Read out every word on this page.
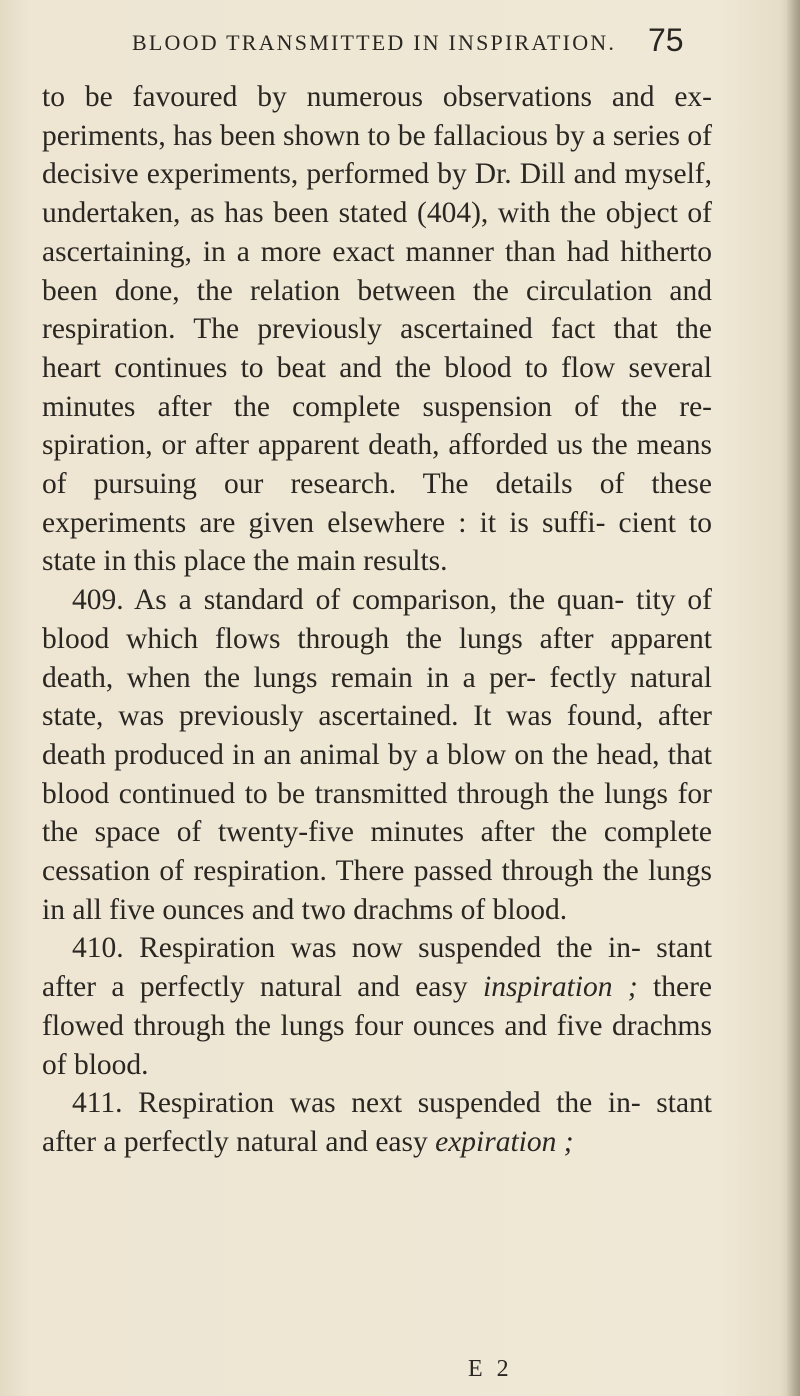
BLOOD TRANSMITTED IN INSPIRATION. 75

to be favoured by numerous observations and ex- periments, has been shown to be fallacious by a series of decisive experiments, performed by Dr. Dill and myself, undertaken, as has been stated (404), with the object of ascertaining, in a more exact manner than had hitherto been done, the relation between the circulation and respiration. The previously ascertained fact that the heart continues to beat and the blood to flow several minutes after the complete suspension of the re- spiration, or after apparent death, afforded us the means of pursuing our research. The details of these experiments are given elsewhere : it is suffi- cient to state in this place the main results.

409. As a standard of comparison, the quan- tity of blood which flows through the lungs after apparent death, when the lungs remain in a per- fectly natural state, was previously ascertained. It was found, after death produced in an animal by a blow on the head, that blood continued to be transmitted through the lungs for the space of twenty-five minutes after the complete cessation of respiration. There passed through the lungs in all five ounces and two drachms of blood.

410. Respiration was now suspended the in- stant after a perfectly natural and easy inspiration ; there flowed through the lungs four ounces and five drachms of blood.

411. Respiration was next suspended the in- stant after a perfectly natural and easy expiration ;

E 2
